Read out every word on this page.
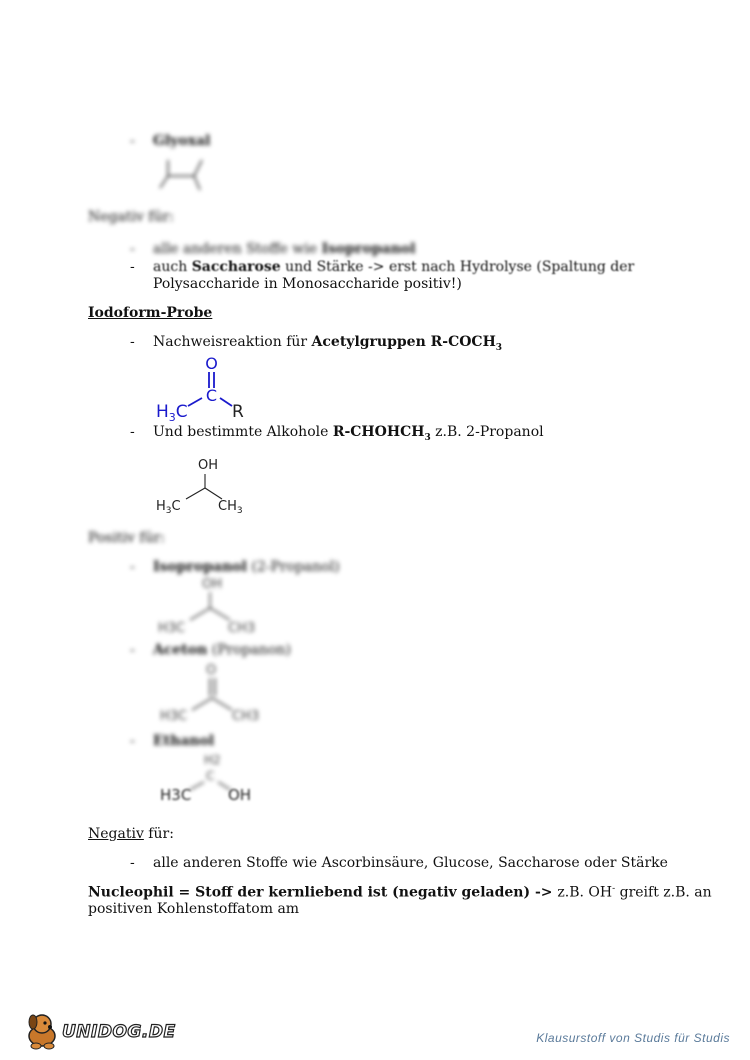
- Glyoxal
Negativ für:
- alle anderen Stoffe wie Isopropanol
- auch Saccharose und Stärke -> erst nach Hydrolyse (Spaltung der
Polysaccharide in Monosaccharide positiv!)
Iodoform-Probe
- Nachweisreaktion für Acetylgruppen $R-COCH_3$
O
C
$H_3C$	R
- Und bestimmte Alkohole $R-CHOHCH_3$ z.B. 2-Propanol
OH
$H_3C$	$CH_3$
Positiv für:
- Isopropanol (2-Propanol)
OH
H3C	CH3
- Aceton (Propanon)
O
H3C	CH3
- Ethanol
H2
C
H3C OH
Negativ für:
- alle anderen Stoffe wie Ascorbinsäure, Glucose, Saccharose oder Stärke
Nucleophil = Stoff der kernliebend ist (negativ geladen) -> z.B. OH- greift z.B. an
positiven Kohlenstoffatom am
UNIDOG.DE	Klausurstoff von Studis für Studis
